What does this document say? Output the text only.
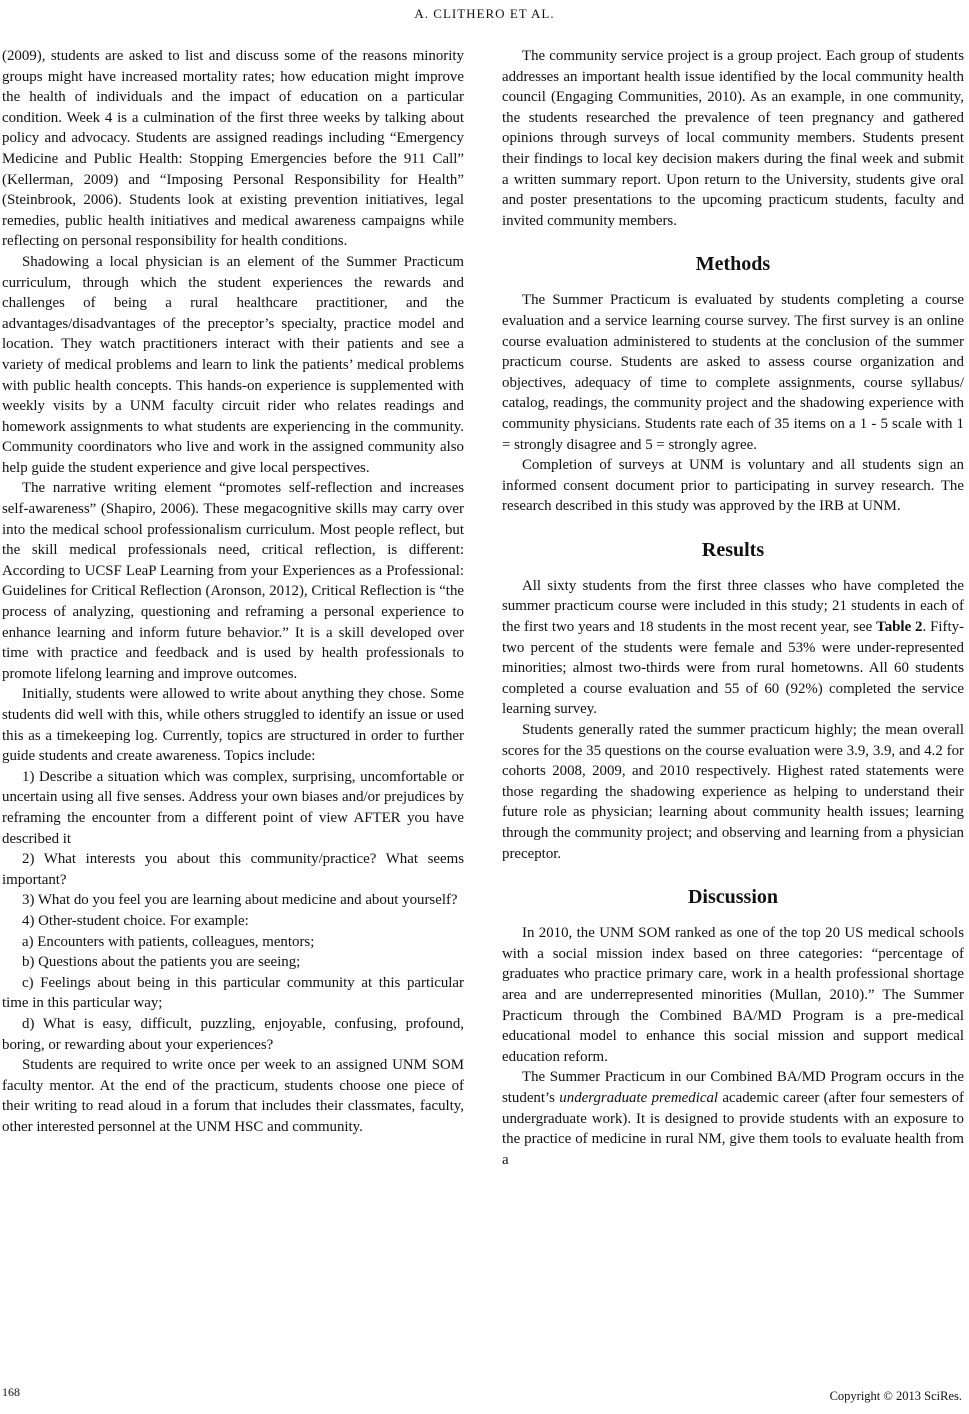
A. CLITHERO ET AL.

(2009), students are asked to list and discuss some of the reasons minority groups might have increased mortality rates; how education might improve the health of individuals and the impact of education on a particular condition. Week 4 is a culmination of the first three weeks by talking about policy and advocacy. Students are assigned readings including “Emergency Medicine and Public Health: Stopping Emergencies before the 911 Call” (Kellerman, 2009) and “Imposing Personal Responsibility for Health” (Steinbrook, 2006). Students look at existing prevention initiatives, legal remedies, public health initiatives and medical awareness campaigns while reflecting on personal responsibility for health conditions.

Shadowing a local physician is an element of the Summer Practicum curriculum, through which the student experiences the rewards and challenges of being a rural healthcare practitioner, and the advantages/disadvantages of the preceptor’s specialty, practice model and location. They watch practitioners interact with their patients and see a variety of medical problems and learn to link the patients’ medical problems with public health concepts. This hands-on experience is supplemented with weekly visits by a UNM faculty circuit rider who relates readings and homework assignments to what students are experiencing in the community. Community coordinators who live and work in the assigned community also help guide the student experience and give local perspectives.

The narrative writing element “promotes self-reflection and increases self-awareness” (Shapiro, 2006). These megacognitive skills may carry over into the medical school professionalism curriculum. Most people reflect, but the skill medical professionals need, critical reflection, is different: According to UCSF LeaP Learning from your Experiences as a Professional: Guidelines for Critical Reflection (Aronson, 2012), Critical Reflection is “the process of analyzing, questioning and reframing a personal experience to enhance learning and inform future behavior.” It is a skill developed over time with practice and feedback and is used by health professionals to promote lifelong learning and improve outcomes.

Initially, students were allowed to write about anything they chose. Some students did well with this, while others struggled to identify an issue or used this as a timekeeping log. Currently, topics are structured in order to further guide students and create awareness. Topics include:

1) Describe a situation which was complex, surprising, uncomfortable or uncertain using all five senses. Address your own biases and/or prejudices by reframing the encounter from a different point of view AFTER you have described it

2) What interests you about this community/practice? What seems important?

3) What do you feel you are learning about medicine and about yourself?

4) Other-student choice. For example:

a) Encounters with patients, colleagues, mentors;

b) Questions about the patients you are seeing;

c) Feelings about being in this particular community at this particular time in this particular way;

d) What is easy, difficult, puzzling, enjoyable, confusing, profound, boring, or rewarding about your experiences?

Students are required to write once per week to an assigned UNM SOM faculty mentor. At the end of the practicum, students choose one piece of their writing to read aloud in a forum that includes their classmates, faculty, other interested personnel at the UNM HSC and community.

The community service project is a group project. Each group of students addresses an important health issue identified by the local community health council (Engaging Communities, 2010). As an example, in one community, the students researched the prevalence of teen pregnancy and gathered opinions through surveys of local community members. Students present their findings to local key decision makers during the final week and submit a written summary report. Upon return to the University, students give oral and poster presentations to the upcoming practicum students, faculty and invited community members.

Methods

The Summer Practicum is evaluated by students completing a course evaluation and a service learning course survey. The first survey is an online course evaluation administered to students at the conclusion of the summer practicum course. Students are asked to assess course organization and objectives, adequacy of time to complete assignments, course syllabus/ catalog, readings, the community project and the shadowing experience with community physicians. Students rate each of 35 items on a 1 - 5 scale with 1 = strongly disagree and 5 = strongly agree.

Completion of surveys at UNM is voluntary and all students sign an informed consent document prior to participating in survey research. The research described in this study was approved by the IRB at UNM.

Results

All sixty students from the first three classes who have completed the summer practicum course were included in this study; 21 students in each of the first two years and 18 students in the most recent year, see Table 2. Fifty-two percent of the students were female and 53% were under-represented minorities; almost two-thirds were from rural hometowns. All 60 students completed a course evaluation and 55 of 60 (92%) completed the service learning survey.

Students generally rated the summer practicum highly; the mean overall scores for the 35 questions on the course evaluation were 3.9, 3.9, and 4.2 for cohorts 2008, 2009, and 2010 respectively. Highest rated statements were those regarding the shadowing experience as helping to understand their future role as physician; learning about community health issues; learning through the community project; and observing and learning from a physician preceptor.

Discussion

In 2010, the UNM SOM ranked as one of the top 20 US medical schools with a social mission index based on three categories: “percentage of graduates who practice primary care, work in a health professional shortage area and are underrepresented minorities (Mullan, 2010).” The Summer Practicum through the Combined BA/MD Program is a pre-medical educational model to enhance this social mission and support medical education reform.

The Summer Practicum in our Combined BA/MD Program occurs in the student’s undergraduate premedical academic career (after four semesters of undergraduate work). It is designed to provide students with an exposure to the practice of medicine in rural NM, give them tools to evaluate health from a

168	Copyright © 2013 SciRes.
